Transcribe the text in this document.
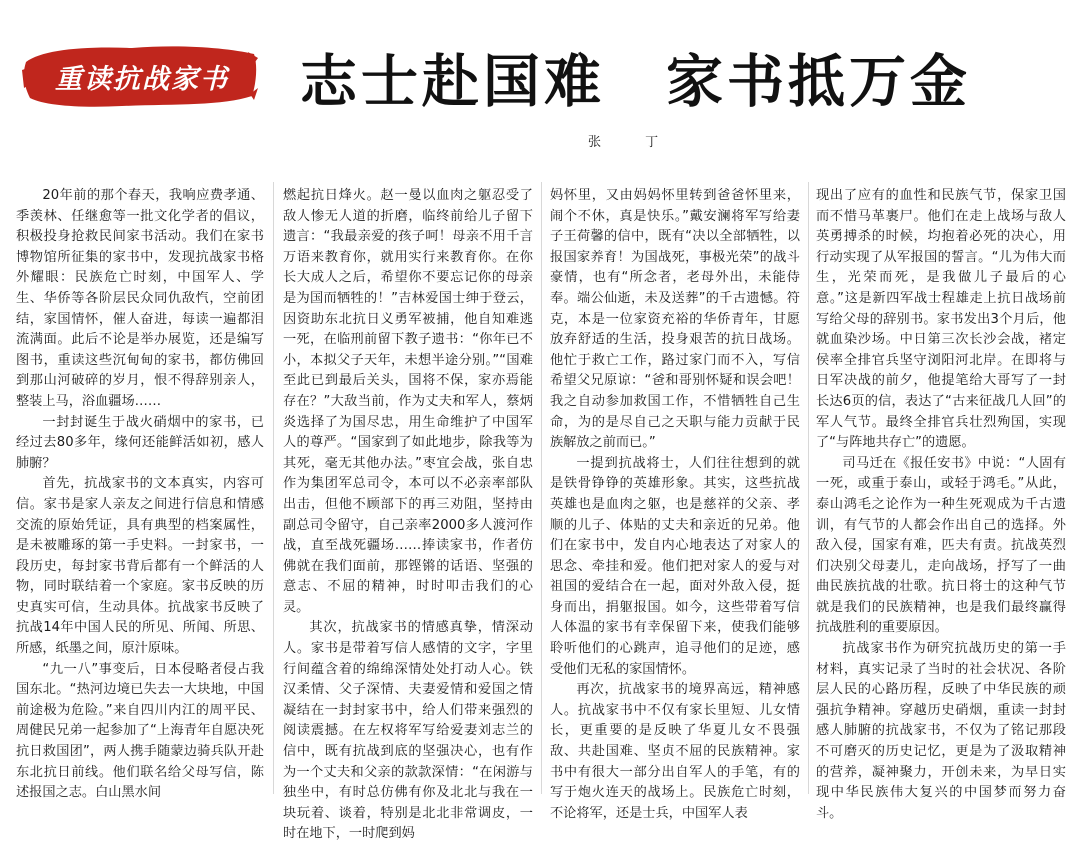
重读抗战家书	志士赴国难　家书抵万金
张 丁

20年前的那个春天，我响应费孝通、季羡林、任继愈等一批文化学者的倡议，积极投身抢救民间家书活动。我们在家书博物馆所征集的家书中，发现抗战家书格外耀眼：民族危亡时刻，中国军人、学生、华侨等各阶层民众同仇敌忾，空前团结，家国情怀，催人奋进，每读一遍都泪流满面。此后不论是举办展览，还是编写图书，重读这些沉甸甸的家书，都仿佛回到那山河破碎的岁月，恨不得辞别亲人，整装上马，浴血疆场……

一封封诞生于战火硝烟中的家书，已经过去80多年，缘何还能鲜活如初，感人肺腑？

首先，抗战家书的文本真实，内容可信。家书是家人亲友之间进行信息和情感交流的原始凭证，具有典型的档案属性，是未被雕琢的第一手史料。一封家书，一段历史，每封家书背后都有一个鲜活的人物，同时联结着一个家庭。家书反映的历史真实可信，生动具体。抗战家书反映了抗战14年中国人民的所见、所闻、所思、所感，纸墨之间，原汁原味。

“九一八”事变后，日本侵略者侵占我国东北。“热河边境已失去一大块地，中国前途极为危险。”来自四川内江的周平民、周健民兄弟一起参加了“上海青年自愿决死抗日救国团”，两人携手随蒙边骑兵队开赴东北抗日前线。他们联名给父母写信，陈述报国之志。白山黑水间

燃起抗日烽火。赵一曼以血肉之躯忍受了敌人惨无人道的折磨，临终前给儿子留下遗言：“我最亲爱的孩子呵！母亲不用千言万语来教育你，就用实行来教育你。在你长大成人之后，希望你不要忘记你的母亲是为国而牺牲的！”吉林爱国士绅于登云，因资助东北抗日义勇军被捕，他自知难逃一死，在临刑前留下教子遗书：“你年已不小，本拟父子天年，未想半途分别。”“国难至此已到最后关头，国将不保，家亦焉能存在？”大敌当前，作为丈夫和军人，蔡炳炎选择了为国尽忠，用生命维护了中国军人的尊严。“国家到了如此地步，除我等为其死，毫无其他办法。”枣宜会战，张自忠作为集团军总司令，本可以不必亲率部队出击，但他不顾部下的再三劝阻，坚持由副总司令留守，自己亲率2000多人渡河作战，直至战死疆场……捧读家书，作者仿佛就在我们面前，那铿锵的话语、坚强的意志、不屈的精神，时时叩击我们的心灵。

其次，抗战家书的情感真挚，情深动人。家书是带着写信人感情的文字，字里行间蕴含着的绵绵深情处处打动人心。铁汉柔情、父子深情、夫妻爱情和爱国之情凝结在一封封家书中，给人们带来强烈的阅读震撼。在左权将军写给爱妻刘志兰的信中，既有抗战到底的坚强决心，也有作为一个丈夫和父亲的款款深情：“在闲游与独坐中，有时总仿佛有你及北北与我在一块玩着、谈着，特别是北北非常调皮，一时在地下，一时爬到妈

妈怀里，又由妈妈怀里转到爸爸怀里来，闹个不休，真是快乐。”戴安澜将军写给妻子王荷馨的信中，既有“决以全部牺牲，以报国家养育！为国战死，事极光荣”的战斗豪情，也有“所念者，老母外出，未能侍奉。端公仙逝，未及送葬”的千古遗憾。符克，本是一位家资充裕的华侨青年，甘愿放弃舒适的生活，投身艰苦的抗日战场。他忙于救亡工作，路过家门而不入，写信希望父兄原谅：“爸和哥别怀疑和误会吧！我之自动参加救国工作，不惜牺牲自己生命，为的是尽自己之天职与能力贡献于民族解放之前而已。”

一提到抗战将士，人们往往想到的就是铁骨铮铮的英雄形象。其实，这些抗战英雄也是血肉之躯，也是慈祥的父亲、孝顺的儿子、体贴的丈夫和亲近的兄弟。他们在家书中，发自内心地表达了对家人的思念、牵挂和爱。他们把对家人的爱与对祖国的爱结合在一起，面对外敌入侵，挺身而出，捐躯报国。如今，这些带着写信人体温的家书有幸保留下来，使我们能够聆听他们的心跳声，追寻他们的足迹，感受他们无私的家国情怀。

再次，抗战家书的境界高远，精神感人。抗战家书中不仅有家长里短、儿女情长，更重要的是反映了华夏儿女不畏强敌、共赴国难、坚贞不屈的民族精神。家书中有很大一部分出自军人的手笔，有的写于炮火连天的战场上。民族危亡时刻，不论将军，还是士兵，中国军人表

现出了应有的血性和民族气节，保家卫国而不惜马革裹尸。他们在走上战场与敌人英勇搏杀的时候，均抱着必死的决心，用行动实现了从军报国的誓言。“儿为伟大而生，光荣而死，是我做儿子最后的心意。”这是新四军战士程雄走上抗日战场前写给父母的辞别书。家书发出3个月后，他就血染沙场。中日第三次长沙会战，褚定侯率全排官兵坚守浏阳河北岸。在即将与日军决战的前夕，他提笔给大哥写了一封长达6页的信，表达了“古来征战几人回”的军人气节。最终全排官兵壮烈殉国，实现了“与阵地共存亡”的遗愿。

司马迁在《报任安书》中说：“人固有一死，或重于泰山，或轻于鸿毛。”从此，泰山鸿毛之论作为一种生死观成为千古遗训，有气节的人都会作出自己的选择。外敌入侵，国家有难，匹夫有责。抗战英烈们决别父母妻儿，走向战场，抒写了一曲曲民族抗战的壮歌。抗日将士的这种气节就是我们的民族精神，也是我们最终赢得抗战胜利的重要原因。

抗战家书作为研究抗战历史的第一手材料，真实记录了当时的社会状况、各阶层人民的心路历程，反映了中华民族的顽强抗争精神。穿越历史硝烟，重读一封封感人肺腑的抗战家书，不仅为了铭记那段不可磨灭的历史记忆，更是为了汲取精神的营养，凝神聚力，开创未来，为早日实现中华民族伟大复兴的中国梦而努力奋斗。
